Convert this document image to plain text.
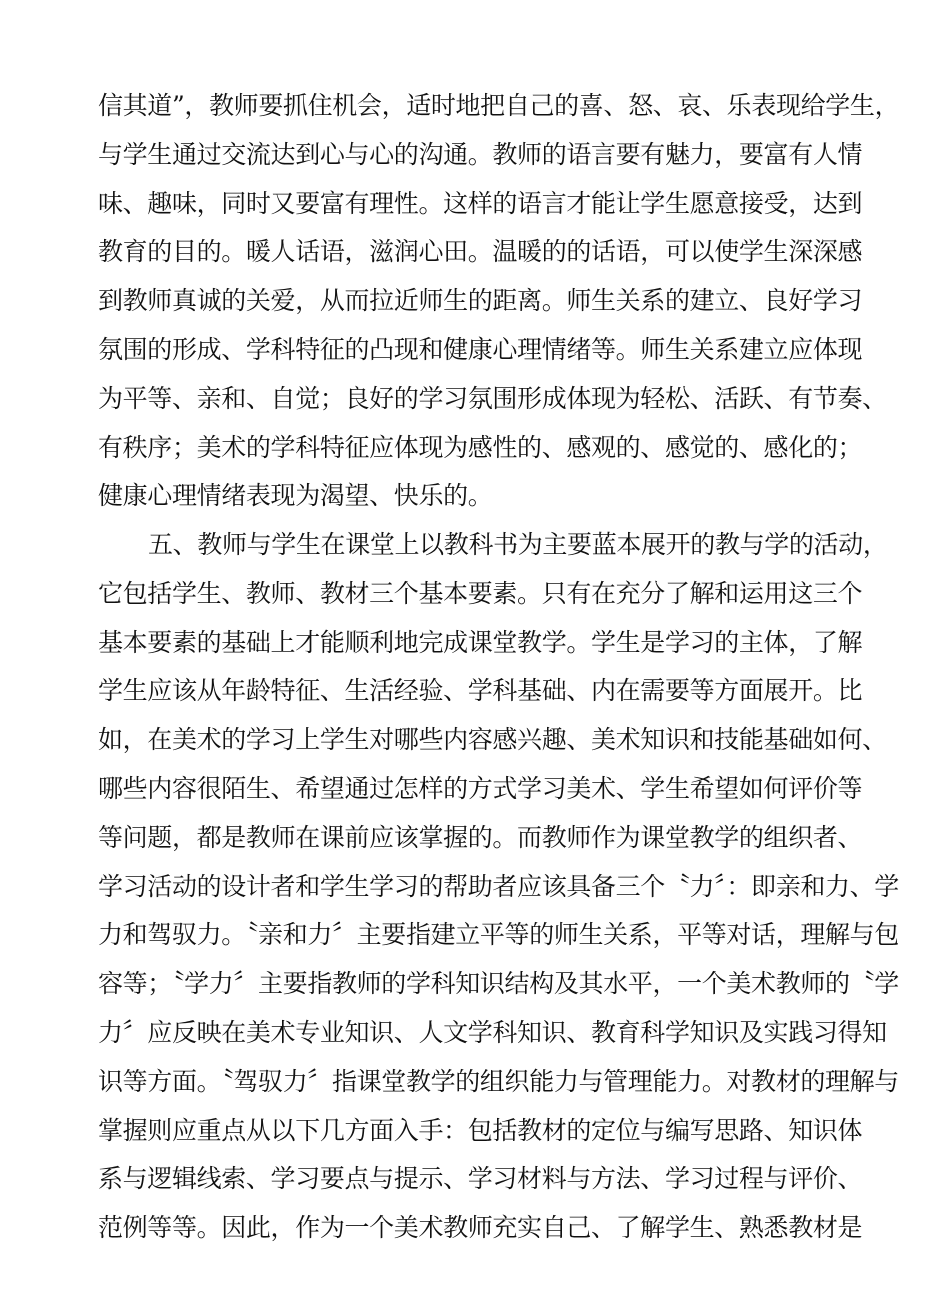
信其道”，教师要抓住机会，适时地把自己的喜、怒、哀、乐表现给学生，
与学生通过交流达到心与心的沟通。教师的语言要有魅力，要富有人情
味、趣味，同时又要富有理性。这样的语言才能让学生愿意接受，达到
教育的目的。暖人话语，滋润心田。温暖的的话语，可以使学生深深感
到教师真诚的关爱，从而拉近师生的距离。师生关系的建立、良好学习
氛围的形成、学科特征的凸现和健康心理情绪等。师生关系建立应体现
为平等、亲和、自觉；良好的学习氛围形成体现为轻松、活跃、有节奏、
有秩序；美术的学科特征应体现为感性的、感观的、感觉的、感化的；
健康心理情绪表现为渴望、快乐的。
五、教师与学生在课堂上以教科书为主要蓝本展开的教与学的活动，
它包括学生、教师、教材三个基本要素。只有在充分了解和运用这三个
基本要素的基础上才能顺利地完成课堂教学。学生是学习的主体，了解
学生应该从年龄特征、生活经验、学科基础、内在需要等方面展开。比
如，在美术的学习上学生对哪些内容感兴趣、美术知识和技能基础如何、
哪些内容很陌生、希望通过怎样的方式学习美术、学生希望如何评价等
等问题，都是教师在课前应该掌握的。而教师作为课堂教学的组织者、
学习活动的设计者和学生学习的帮助者应该具备三个〝力〞：即亲和力、学
力和驾驭力。〝亲和力〞主要指建立平等的师生关系，平等对话，理解与包
容等；〝学力〞主要指教师的学科知识结构及其水平，一个美术教师的〝学
力〞应反映在美术专业知识、人文学科知识、教育科学知识及实践习得知
识等方面。〝驾驭力〞指课堂教学的组织能力与管理能力。对教材的理解与
掌握则应重点从以下几方面入手：包括教材的定位与编写思路、知识体
系与逻辑线索、学习要点与提示、学习材料与方法、学习过程与评价、
范例等等。因此，作为一个美术教师充实自己、了解学生、熟悉教材是
